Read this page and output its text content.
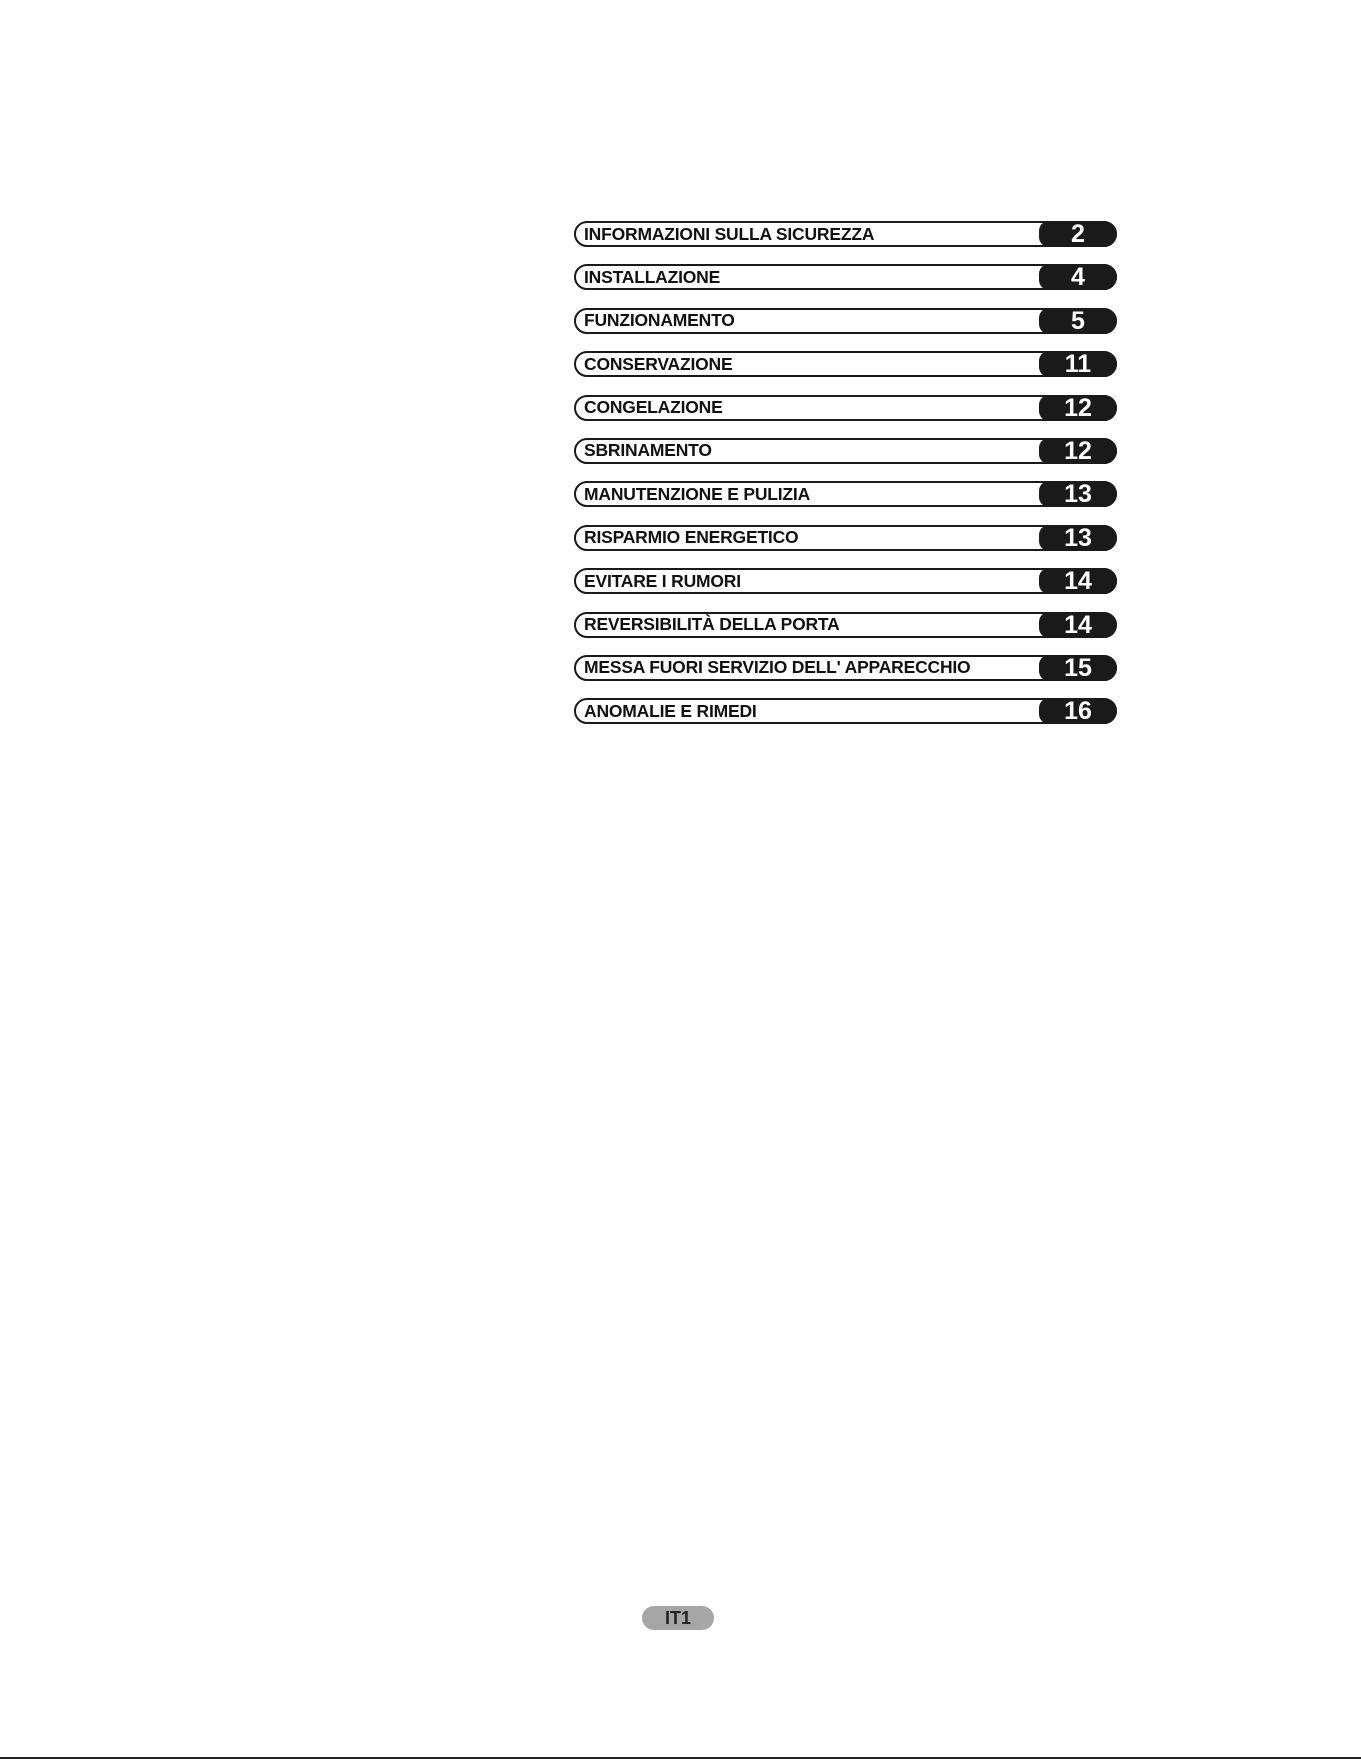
INFORMAZIONI SULLA SICUREZZA	2
INSTALLAZIONE	4
FUNZIONAMENTO	5
CONSERVAZIONE	11
CONGELAZIONE	12
SBRINAMENTO	12
MANUTENZIONE E PULIZIA	13
RISPARMIO ENERGETICO	13
EVITARE I RUMORI	14
REVERSIBILITÀ DELLA PORTA	14
MESSA FUORI SERVIZIO DELL' APPARECCHIO	15
ANOMALIE E RIMEDI	16
IT1
